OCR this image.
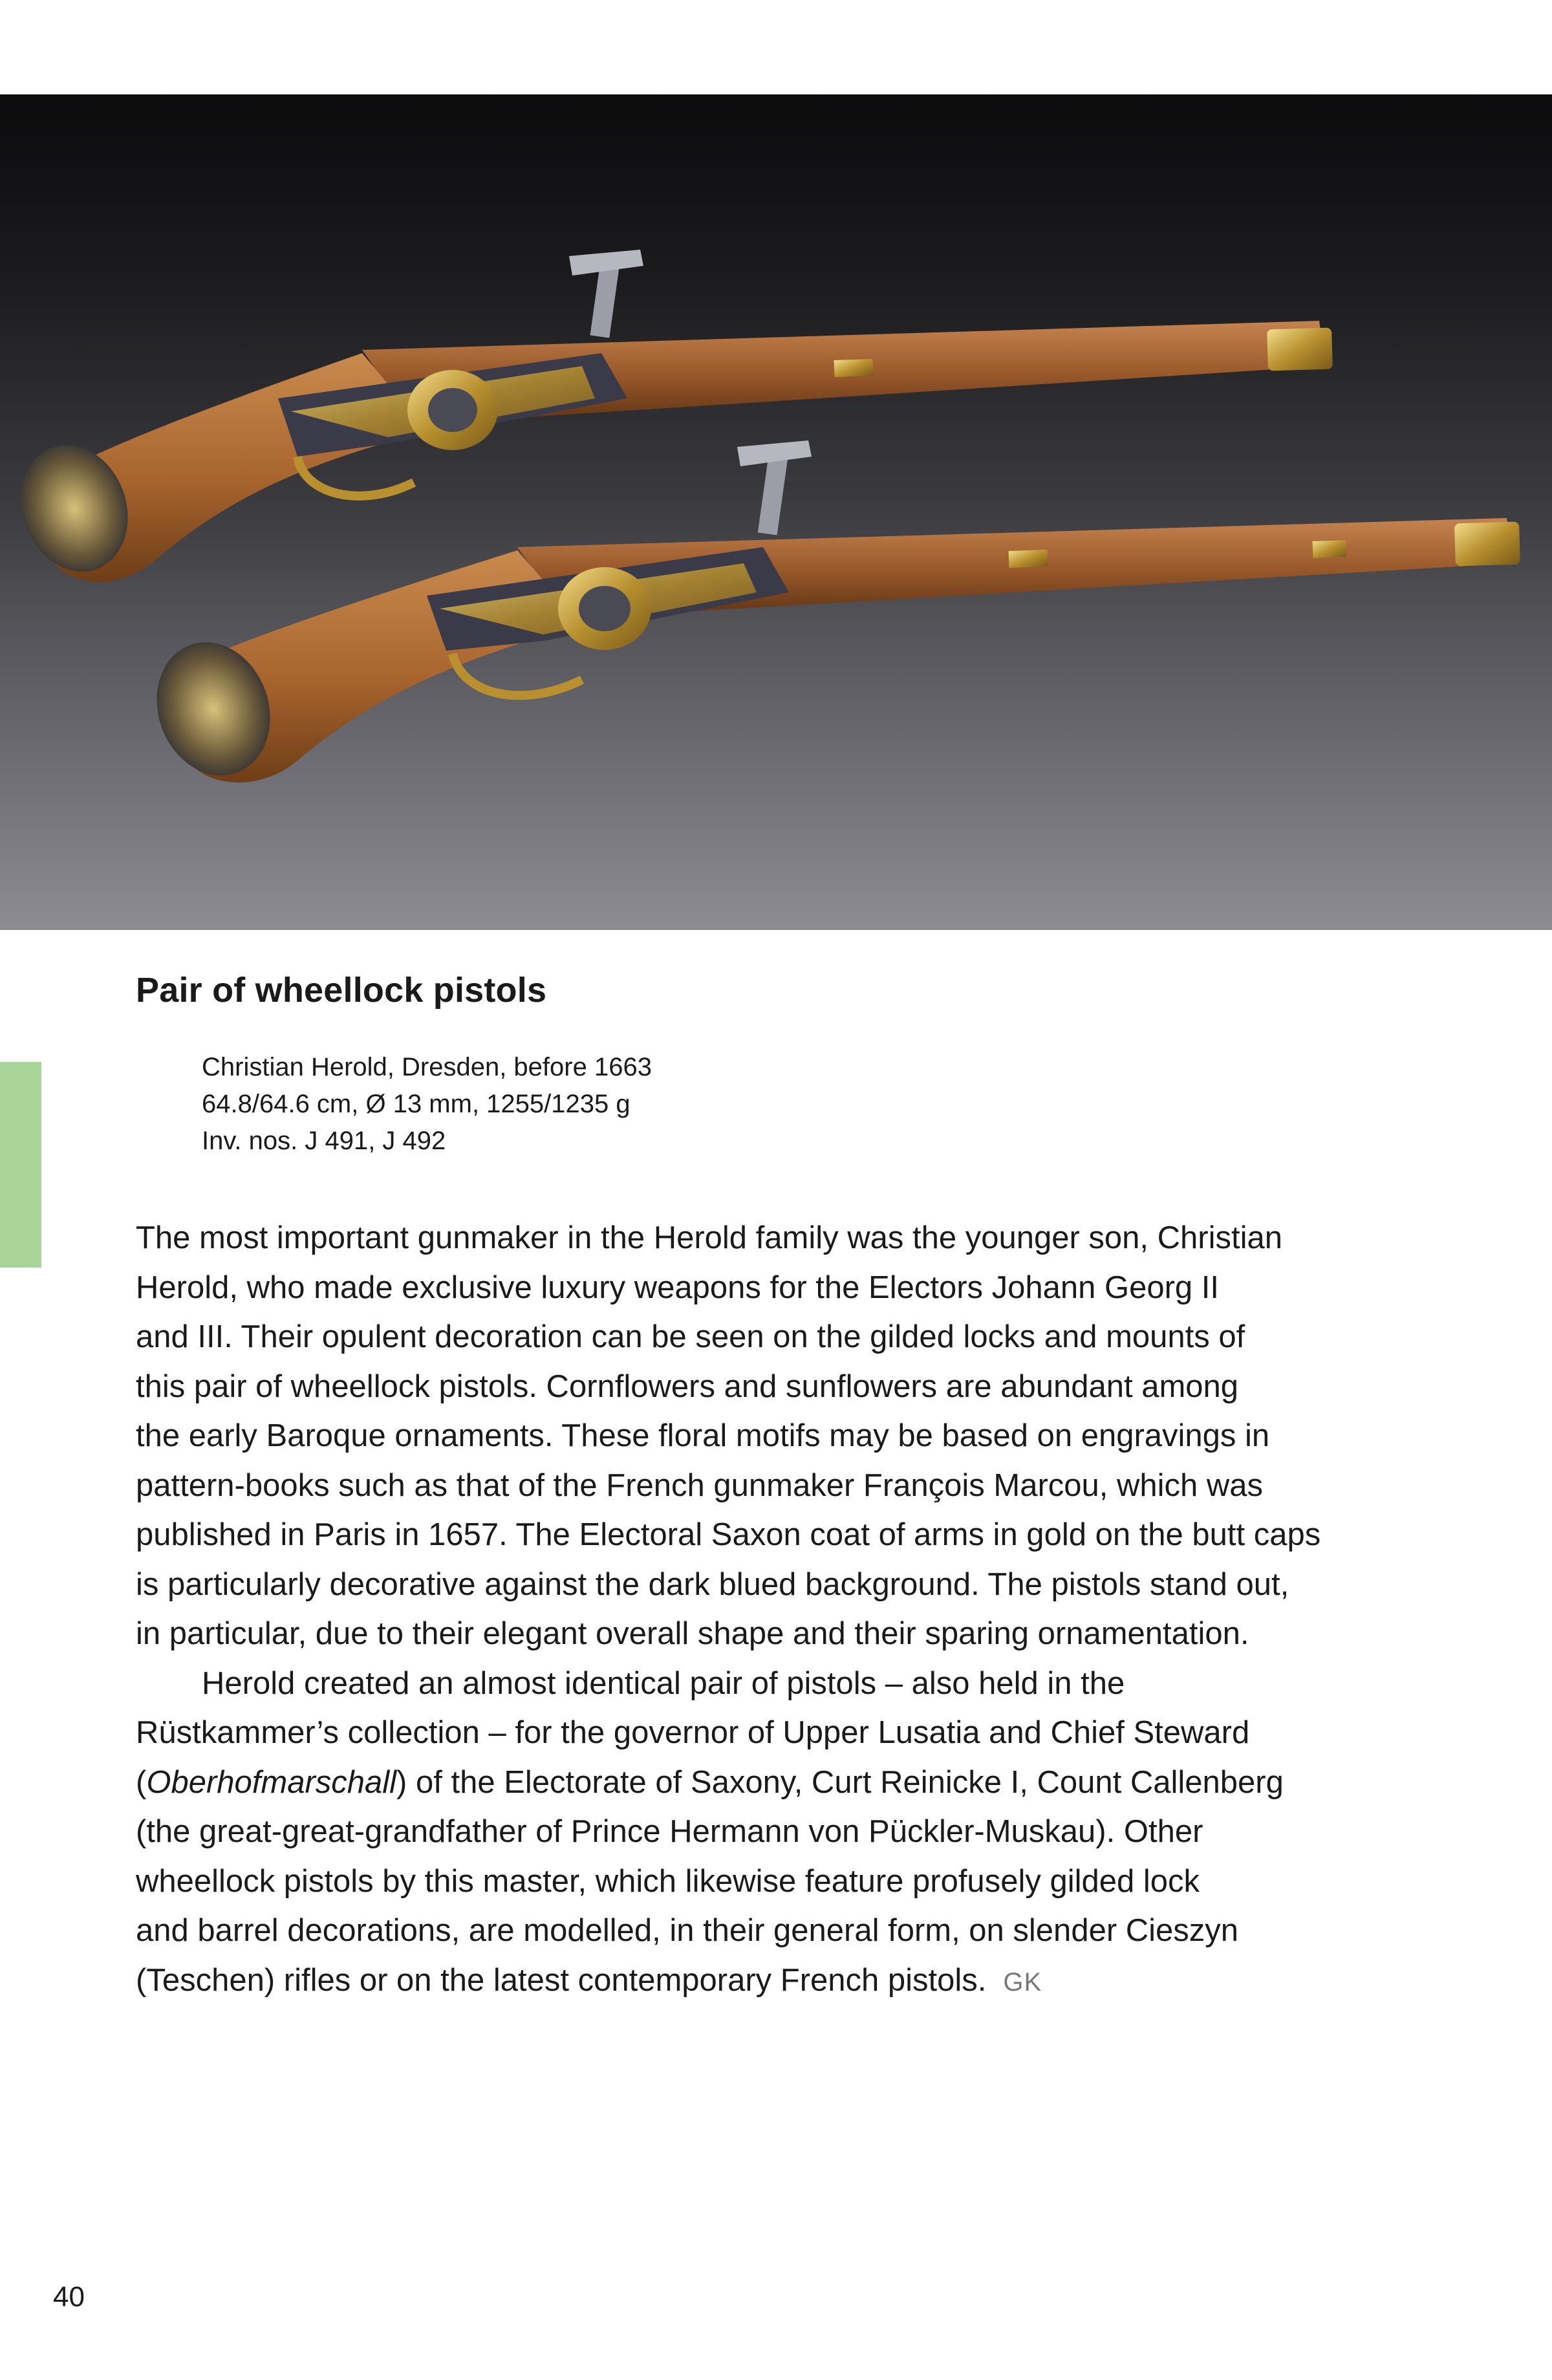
Pair of wheellock pistols
Christian Herold, Dresden, before 1663
64.8/64.6 cm, Ø 13 mm, 1255/1235 g
Inv. nos. J 491, J 492
The most important gunmaker in the Herold family was the younger son, Christian
Herold, who made exclusive luxury weapons for the Electors Johann Georg II
and III. Their opulent decoration can be seen on the gilded locks and mounts of
this pair of wheellock pistols. Cornflowers and sunflowers are abundant among
the early Baroque ornaments. These floral motifs may be based on engravings in
pattern-books such as that of the French gunmaker François Marcou, which was
published in Paris in 1657. The Electoral Saxon coat of arms in gold on the butt caps
is particularly decorative against the dark blued background. The pistols stand out,
in particular, due to their elegant overall shape and their sparing ornamentation.
Herold created an almost identical pair of pistols – also held in the
Rüstkammer’s collection – for the governor of Upper Lusatia and Chief Steward
(Oberhofmarschall) of the Electorate of Saxony, Curt Reinicke I, Count Callenberg
(the great-great-grandfather of Prince Hermann von Pückler-Muskau). Other
wheellock pistols by this master, which likewise feature profusely gilded lock
and barrel decorations, are modelled, in their general form, on slender Cieszyn
(Teschen) rifles or on the latest contemporary French pistols. GK
40
